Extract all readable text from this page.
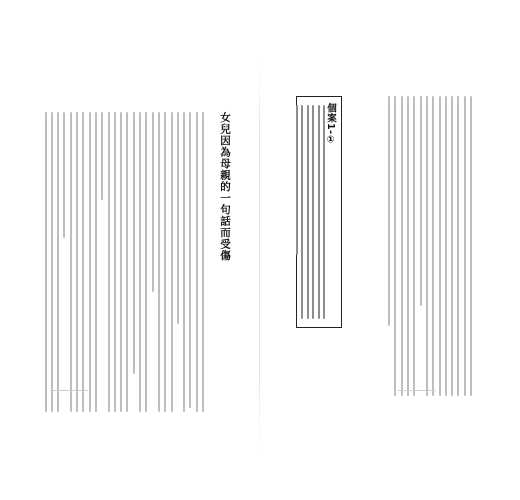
女兒因為母親的一句話而受傷	個案1-①
